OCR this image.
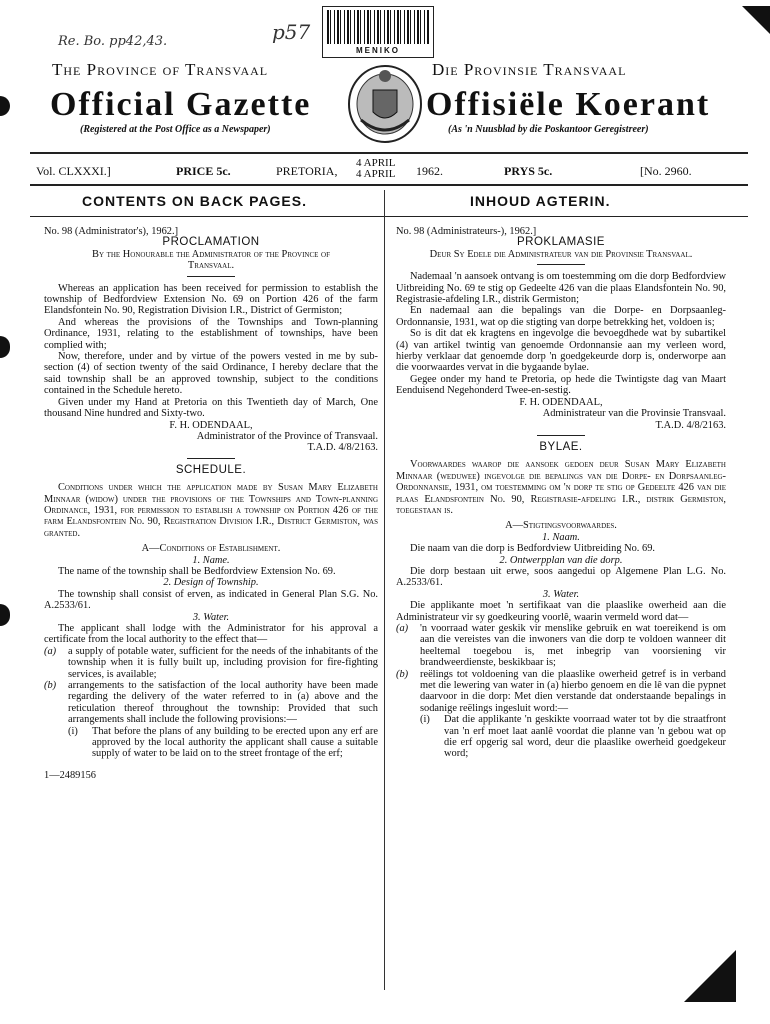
Re. Bo. pp42,43.	p57
MENIKO
The Province of Transvaal	Die Provinsie Transvaal
Official Gazette	Offisiële Koerant
(Registered at the Post Office as a Newspaper)	(As 'n Nuusblad by die Poskantoor Geregistreer)
Vol. CLXXXI.]	PRICE 5c.	PRETORIA,
4 APRIL
4 APRIL 1962.	PRYS 5c.	[No. 2960.
CONTENTS ON BACK PAGES.	INHOUD AGTERIN.

No. 98 (Administrator's), 1962.]

PROCLAMATION

By the Honourable the Administrator of the Province of Transvaal.

Whereas an application has been received for permission to establish the township of Bedfordview Extension No. 69 on Portion 426 of the farm Elandsfontein No. 90, Registration Division I.R., District of Germiston;

And whereas the provisions of the Townships and Town-planning Ordinance, 1931, relating to the establishment of townships, have been complied with;

Now, therefore, under and by virtue of the powers vested in me by sub-section (4) of section twenty of the said Ordinance, I hereby declare that the said township shall be an approved township, subject to the conditions contained in the Schedule hereto.

Given under my Hand at Pretoria on this Twentieth day of March, One thousand Nine hundred and Sixty-two.

F. H. ODENDAAL,

Administrator of the Province of Transvaal.

T.A.D. 4/8/2163.

SCHEDULE.

Conditions under which the application made by Susan Mary Elizabeth Minnaar (widow) under the provisions of the Townships and Town-planning Ordinance, 1931, for permission to establish a township on Portion 426 of the farm Elandsfontein No. 90, Registration Division I.R., District Germiston, was granted.

A—Conditions of Establishment.

1. Name.

The name of the township shall be Bedfordview Extension No. 69.

2. Design of Township.

The township shall consist of erven, as indicated in General Plan S.G. No. A.2533/61.

3. Water.

The applicant shall lodge with the Administrator for his approval a certificate from the local authority to the effect that—

(a)	a supply of potable water, sufficient for the needs of the inhabitants of the township when it is fully built up, including provision for fire-fighting services, is available;
(b)	arrangements to the satisfaction of the local authority have been made regarding the delivery of the water referred to in (a) above and the reticulation thereof throughout the township: Provided that such arrangements shall include the following provisions:—
(i)	That before the plans of any building to be erected upon any erf are approved by the local authority the applicant shall cause a suitable supply of water to be laid on to the street frontage of the erf;

1—2489156

No. 98 (Administrateurs-), 1962.]

PROKLAMASIE

Deur Sy Edele die Administrateur van die Provinsie Transvaal.

Nademaal 'n aansoek ontvang is om toestemming om die dorp Bedfordview Uitbreiding No. 69 te stig op Gedeelte 426 van die plaas Elandsfontein No. 90, Registrasie-afdeling I.R., distrik Germiston;

En nademaal aan die bepalings van die Dorpe- en Dorpsaanleg-Ordonnansie, 1931, wat op die stigting van dorpe betrekking het, voldoen is;

So is dit dat ek kragtens en ingevolge die bevoegdhede wat by subartikel (4) van artikel twintig van genoemde Ordonnansie aan my verleen word, hierby verklaar dat genoemde dorp 'n goedgekeurde dorp is, onderworpe aan die voorwaardes vervat in die bygaande bylae.

Gegee onder my hand te Pretoria, op hede die Twintigste dag van Maart Eenduisend Negehonderd Twee-en-sestig.

F. H. ODENDAAL,

Administrateur van die Provinsie Transvaal.

T.A.D. 4/8/2163.

BYLAE.

Voorwaardes waarop die aansoek gedoen deur Susan Mary Elizabeth Minnaar (weduwee) ingevolge die bepalings van die Dorpe- en Dorpsaanleg-Ordonnansie, 1931, om toestemming om 'n dorp te stig op Gedeelte 426 van die plaas Elandsfontein No. 90, Registrasie-afdeling I.R., distrik Germiston, toegestaan is.

A—Stigtingsvoorwaardes.

1. Naam.

Die naam van die dorp is Bedfordview Uitbreiding No. 69.

2. Ontwerpplan van die dorp.

Die dorp bestaan uit erwe, soos aangedui op Algemene Plan L.G. No. A.2533/61.

3. Water.

Die applikante moet 'n sertifikaat van die plaaslike owerheid aan die Administrateur vir sy goedkeuring voorlê, waarin vermeld word dat—

(a)	'n voorraad water geskik vir menslike gebruik en wat toereikend is om aan die vereistes van die inwoners van die dorp te voldoen wanneer dit heeltemal toegebou is, met inbegrip van voorsiening vir brandweerdienste, beskikbaar is;
(b)	reëlings tot voldoening van die plaaslike owerheid getref is in verband met die lewering van water in (a) hierbo genoem en die lê van die pypnet daarvoor in die dorp: Met dien verstande dat onderstaande bepalings in sodanige reëlings ingesluit word:—
(i)	Dat die applikante 'n geskikte voorraad water tot by die straatfront van 'n erf moet laat aanlê voordat die planne van 'n gebou wat op die erf opgerig sal word, deur die plaaslike owerheid goedgekeur word;
